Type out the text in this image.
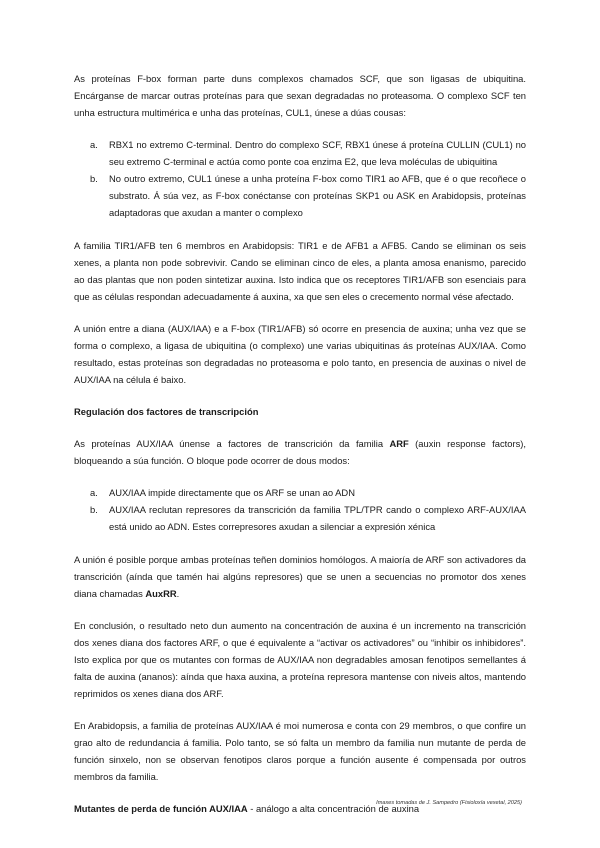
As proteínas F-box forman parte duns complexos chamados SCF, que son ligasas de ubiquitina. Encárganse de marcar outras proteínas para que sexan degradadas no proteasoma. O complexo SCF ten unha estructura multimérica e unha das proteínas, CUL1, únese a dúas cousas:

a. RBX1 no extremo C-terminal. Dentro do complexo SCF, RBX1 únese á proteína CULLIN (CUL1) no seu extremo C-terminal e actúa como ponte coa enzima E2, que leva moléculas de ubiquitina
b. No outro extremo, CUL1 únese a unha proteína F-box como TIR1 ao AFB, que é o que recoñece o substrato. Á súa vez, as F-box conéctanse con proteínas SKP1 ou ASK en Arabidopsis, proteínas adaptadoras que axudan a manter o complexo

A familia TIR1/AFB ten 6 membros en Arabidopsis: TIR1 e de AFB1 a AFB5. Cando se eliminan os seis xenes, a planta non pode sobrevivir. Cando se eliminan cinco de eles, a planta amosa enanismo, parecido ao das plantas que non poden sintetizar auxina. Isto indica que os receptores TIR1/AFB son esenciais para que as células respondan adecuadamente á auxina, xa que sen eles o crecemento normal vése afectado.

A unión entre a diana (AUX/IAA) e a F-box (TIR1/AFB) só ocorre en presencia de auxina; unha vez que se forma o complexo, a ligasa de ubiquitina (o complexo) une varias ubiquitinas ás proteínas AUX/IAA. Como resultado, estas proteínas son degradadas no proteasoma e polo tanto, en presencia de auxinas o nivel de AUX/IAA na célula é baixo.

Regulación dos factores de transcripción

As proteínas AUX/IAA únense a factores de transcrición da familia ARF (auxin response factors), bloqueando a súa función. O bloque pode ocorrer de dous modos:

a. AUX/IAA impide directamente que os ARF se unan ao ADN
b. AUX/IAA reclutan represores da transcrición da familia TPL/TPR cando o complexo ARF-AUX/IAA está unido ao ADN. Estes correpresores axudan a silenciar a expresión xénica

A unión é posible porque ambas proteínas teñen dominios homólogos. A maioría de ARF son activadores da transcrición (aínda que tamén hai algúns represores) que se unen a secuencias no promotor dos xenes diana chamadas AuxRR.

En conclusión, o resultado neto dun aumento na concentración de auxina é un incremento na transcrición dos xenes diana dos factores ARF, o que é equivalente a “activar os activadores” ou “inhibir os inhibidores”. Isto explica por que os mutantes con formas de AUX/IAA non degradables amosan fenotipos semellantes á falta de auxina (ananos): aínda que haxa auxina, a proteína represora mantense con niveis altos, mantendo reprimidos os xenes diana dos ARF.

En Arabidopsis, a familia de proteínas AUX/IAA é moi numerosa e conta con 29 membros, o que confire un grao alto de redundancia á familia. Polo tanto, se só falta un membro da familia nun mutante de perda de función sinxelo, non se observan fenotipos claros porque a función ausente é compensada por outros membros da familia.

Mutantes de perda de función AUX/IAA - análogo a alta concentración de auxina
Imaxes tomadas de J. Sampedro (Fisioloxía vexetal, 2025)
